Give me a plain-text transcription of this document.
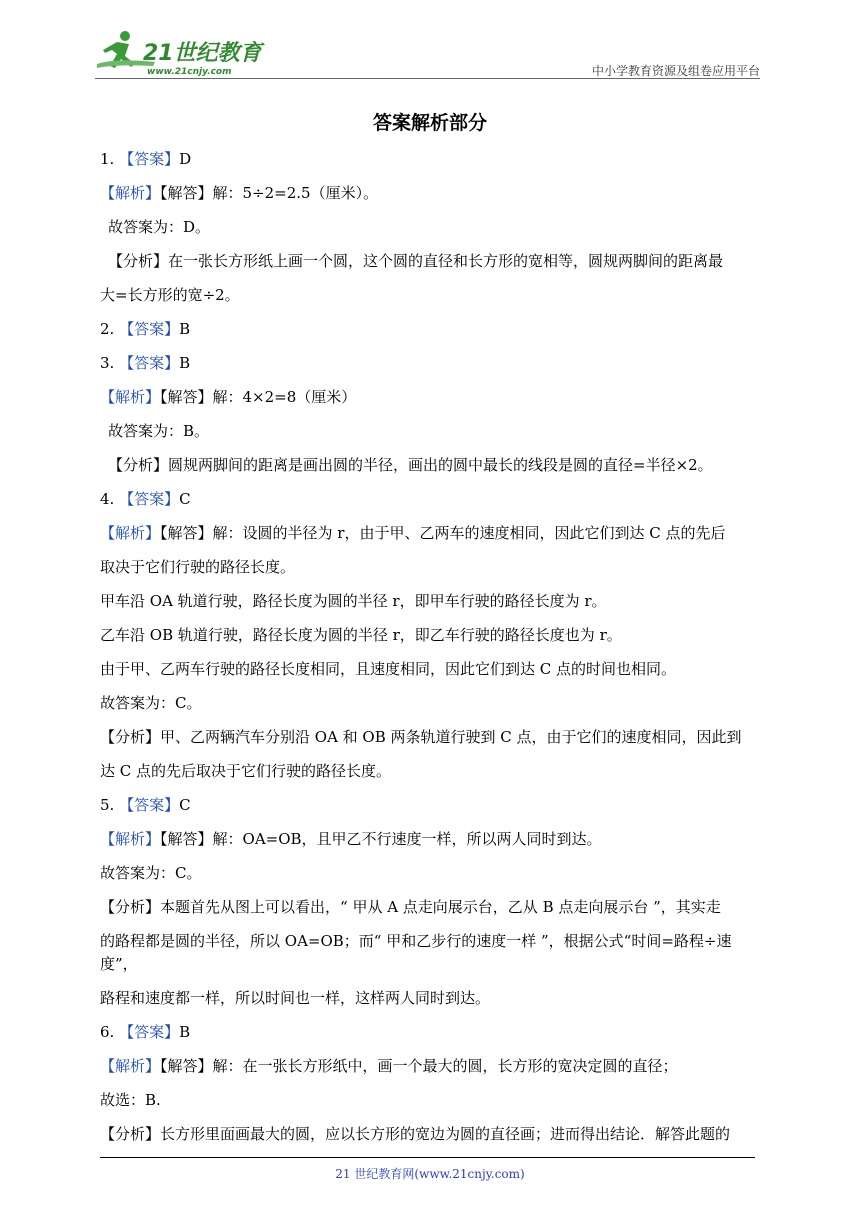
21世纪教育
www.21cnjy.com	中小学教育资源及组卷应用平台
答案解析部分

1. 【答案】D

【解析】【解答】解：5÷2=2.5（厘米）。

故答案为：D。

【分析】在一张长方形纸上画一个圆，这个圆的直径和长方形的宽相等，圆规两脚间的距离最

大=长方形的宽÷2。

2. 【答案】B

3. 【答案】B

【解析】【解答】解：4×2=8（厘米）

故答案为：B。

【分析】圆规两脚间的距离是画出圆的半径，画出的圆中最长的线段是圆的直径=半径×2。

4. 【答案】C

【解析】【解答】解：设圆的半径为 r，由于甲、乙两车的速度相同，因此它们到达 C 点的先后

取决于它们行驶的路径长度。

甲车沿 OA 轨道行驶，路径长度为圆的半径 r，即甲车行驶的路径长度为 r。

乙车沿 OB 轨道行驶，路径长度为圆的半径 r，即乙车行驶的路径长度也为 r。

由于甲、乙两车行驶的路径长度相同，且速度相同，因此它们到达 C 点的时间也相同。

故答案为：C。

【分析】甲、乙两辆汽车分别沿 OA 和 OB 两条轨道行驶到 C 点，由于它们的速度相同，因此到

达 C 点的先后取决于它们行驶的路径长度。

5. 【答案】C

【解析】【解答】解：OA=OB，且甲乙不行速度一样，所以两人同时到达。

故答案为：C。

【分析】本题首先从图上可以看出，“ 甲从 A 点走向展示台，乙从 B 点走向展示台 ”，其实走

的路程都是圆的半径，所以 OA=OB；而“ 甲和乙步行的速度一样 ”，根据公式“时间=路程÷速度”，

路程和速度都一样，所以时间也一样，这样两人同时到达。

6. 【答案】B

【解析】【解答】解：在一张长方形纸中，画一个最大的圆，长方形的宽决定圆的直径；

故选：B.

【分析】长方形里面画最大的圆，应以长方形的宽边为圆的直径画；进而得出结论．解答此题的

21 世纪教育网(www.21cnjy.com)
